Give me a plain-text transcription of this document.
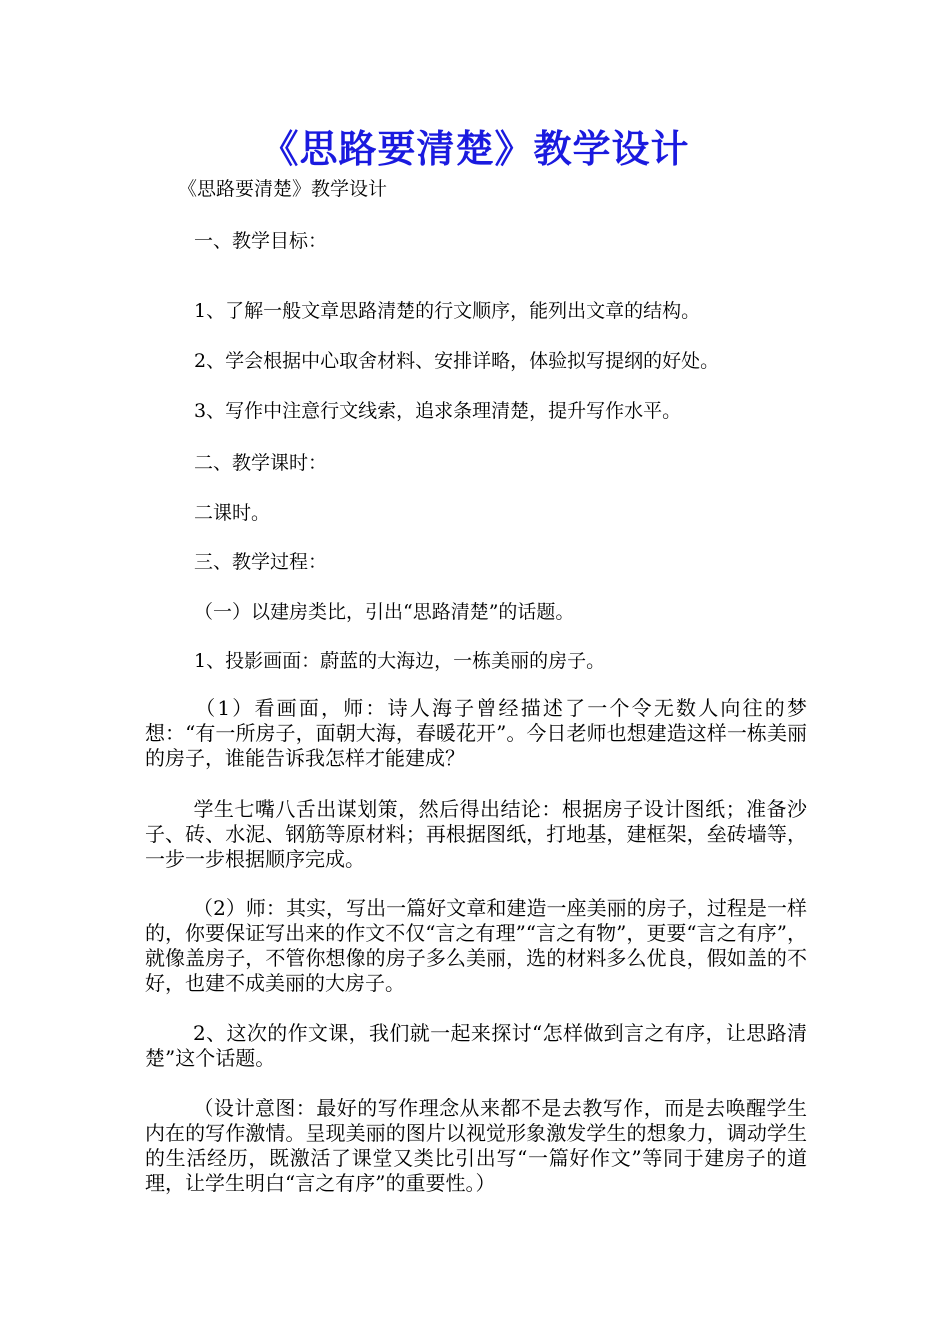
《思路要清楚》教学设计
《思路要清楚》教学设计
一、教学目标：
1、了解一般文章思路清楚的行文顺序，能列出文章的结构。
2、学会根据中心取舍材料、安排详略，体验拟写提纲的好处。
3、写作中注意行文线索，追求条理清楚，提升写作水平。
二、教学课时：
二课时。
三、教学过程：
（一）以建房类比，引出“思路清楚”的话题。
1、投影画面：蔚蓝的大海边，一栋美丽的房子。
（1）看画面，师：诗人海子曾经描述了一个令无数人向往的梦想：“有一所房子，面朝大海，春暖花开”。今日老师也想建造这样一栋美丽的房子，谁能告诉我怎样才能建成？
学生七嘴八舌出谋划策，然后得出结论：根据房子设计图纸；准备沙子、砖、水泥、钢筋等原材料；再根据图纸，打地基，建框架，垒砖墙等，一步一步根据顺序完成。
（2）师：其实，写出一篇好文章和建造一座美丽的房子，过程是一样的，你要保证写出来的作文不仅“言之有理”“言之有物”，更要“言之有序”，就像盖房子，不管你想像的房子多么美丽，选的材料多么优良，假如盖的不好，也建不成美丽的大房子。
2、这次的作文课，我们就一起来探讨“怎样做到言之有序，让思路清楚”这个话题。
（设计意图：最好的写作理念从来都不是去教写作，而是去唤醒学生内在的写作激情。呈现美丽的图片以视觉形象激发学生的想象力，调动学生的生活经历，既激活了课堂又类比引出写“一篇好作文”等同于建房子的道理，让学生明白“言之有序”的重要性。）
